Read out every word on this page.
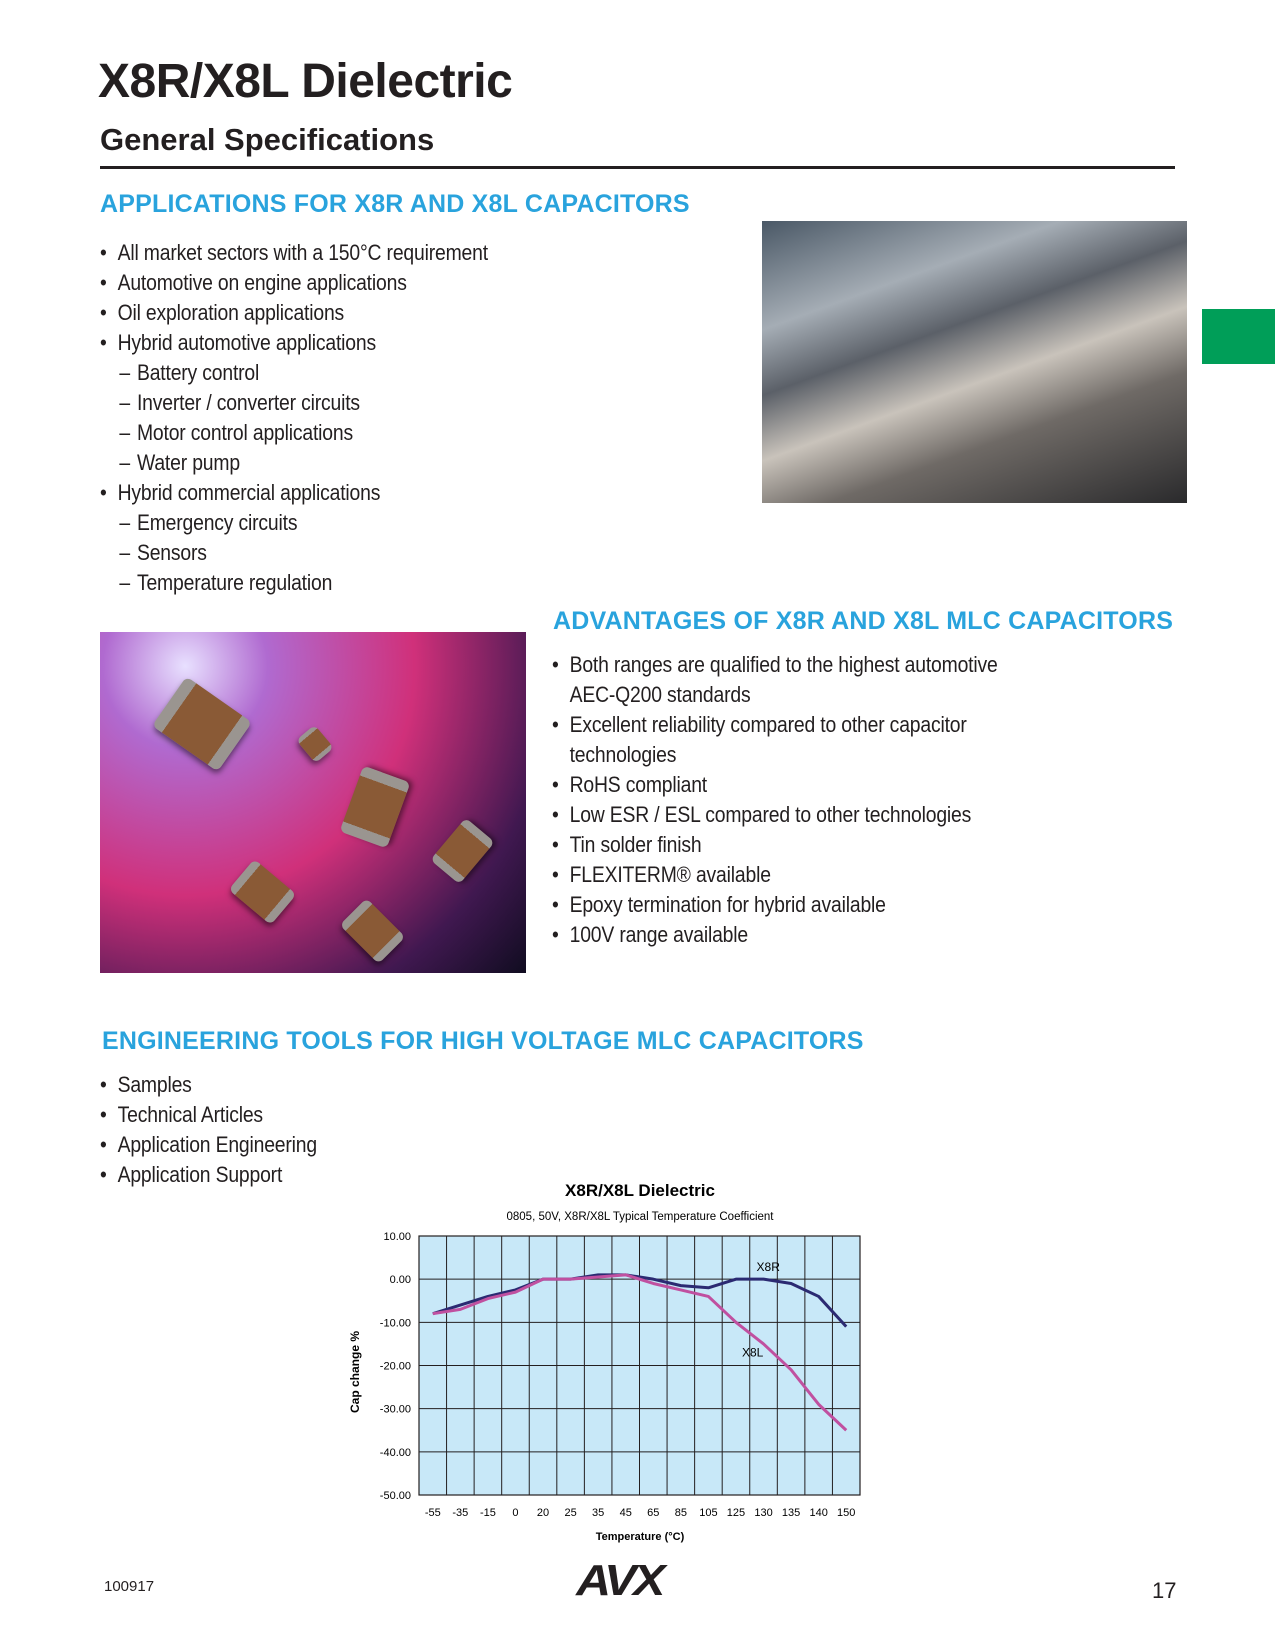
X8R/X8L Dielectric
General Specifications
APPLICATIONS FOR X8R AND X8L CAPACITORS
• All market sectors with a 150°C requirement
• Automotive on engine applications
• Oil exploration applications
• Hybrid automotive applications
– Battery control
– Inverter / converter circuits
– Motor control applications
– Water pump
• Hybrid commercial applications
– Emergency circuits
– Sensors
– Temperature regulation
ADVANTAGES OF X8R AND X8L MLC CAPACITORS
• Both ranges are qualified to the highest automotive
AEC-Q200 standards
• Excellent reliability compared to other capacitor
technologies
• RoHS compliant
• Low ESR / ESL compared to other technologies
• Tin solder finish
• FLEXITERM® available
• Epoxy termination for hybrid available
• 100V range available
ENGINEERING TOOLS FOR HIGH VOLTAGE MLC CAPACITORS
• Samples
• Technical Articles
• Application Engineering
• Application Support
X8R/X8L Dielectric
0805, 50V, X8R/X8L Typical Temperature Coefficient
Temperature (°C)
Cap change %
10.00
0.00
-10.00
-20.00
-30.00
-40.00
-50.00
-55 -35 -15 0 20 25 35 45 65 85 105 125 130 135 140 150
X8R
X8L
100917	AVX	17
